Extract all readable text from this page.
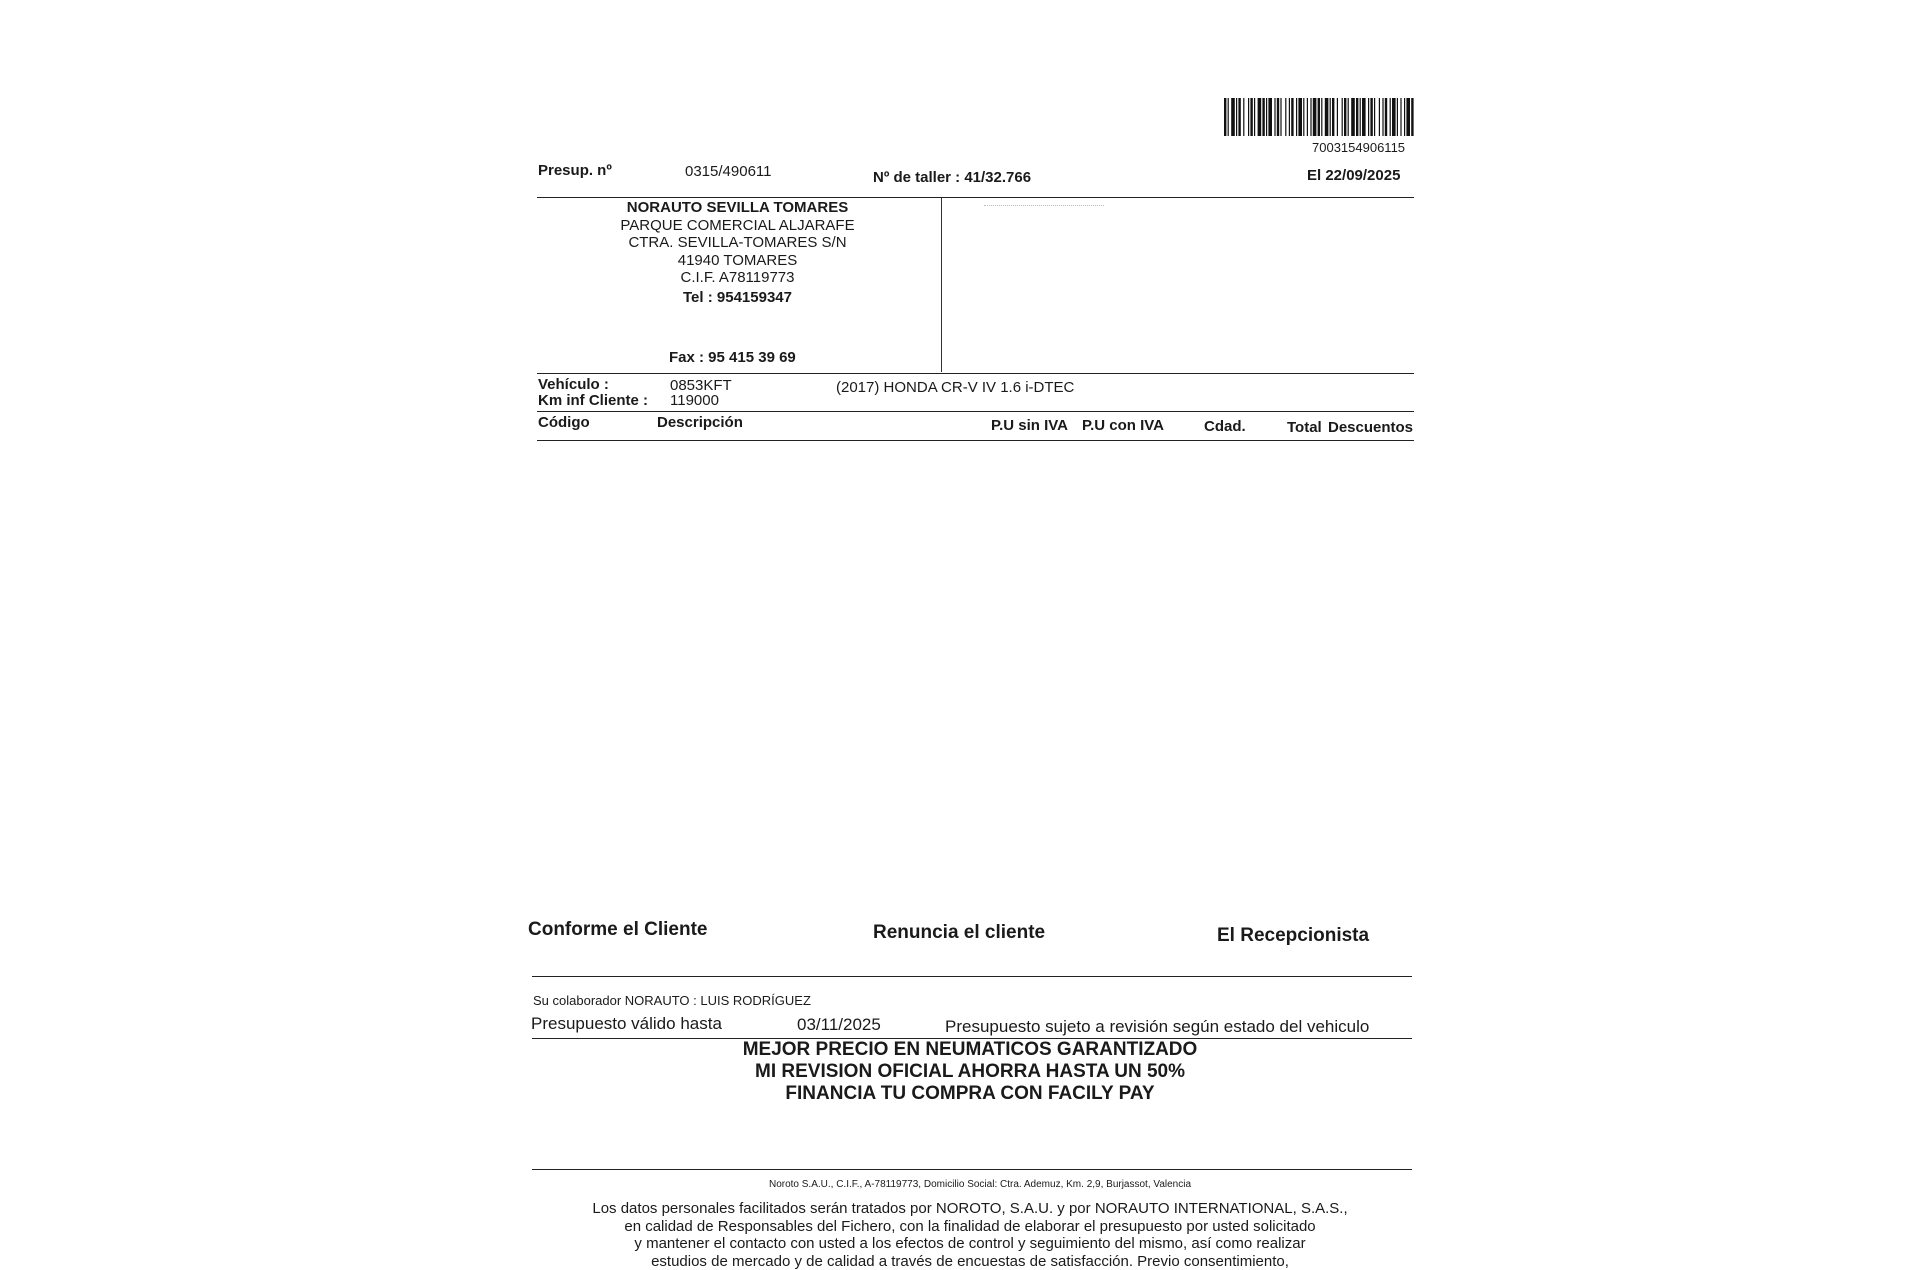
7003154906115
Presup. nº	0315/490611	Nº de taller : 41/32.766	El 22/09/2025
NORAUTO SEVILLA TOMARES
PARQUE COMERCIAL ALJARAFE
CTRA. SEVILLA-TOMARES S/N
41940 TOMARES
C.I.F. A78119773
Tel : 954159347
Fax : 95 415 39 69
Vehículo :	0853KFT	(2017) HONDA CR-V IV 1.6 i-DTEC
Km inf Cliente : 119000
Código	Descripción	P.U sin IVA P.U con IVA	Cdad.	Total Descuentos
Conforme el Cliente	Renuncia el cliente	El Recepcionista
Su colaborador NORAUTO : LUIS RODRÍGUEZ
Presupuesto válido hasta	03/11/2025	Presupuesto sujeto a revisión según estado del vehiculo
MEJOR PRECIO EN NEUMATICOS GARANTIZADO
MI REVISION OFICIAL AHORRA HASTA UN 50%
FINANCIA TU COMPRA CON FACILY PAY
Noroto S.A.U., C.I.F., A-78119773, Domicilio Social: Ctra. Ademuz, Km. 2,9, Burjassot, Valencia
Los datos personales facilitados serán tratados por NOROTO, S.A.U. y por NORAUTO INTERNATIONAL, S.A.S.,
en calidad de Responsables del Fichero, con la finalidad de elaborar el presupuesto por usted solicitado
y mantener el contacto con usted a los efectos de control y seguimiento del mismo, así como realizar
estudios de mercado y de calidad a través de encuestas de satisfacción. Previo consentimiento,
